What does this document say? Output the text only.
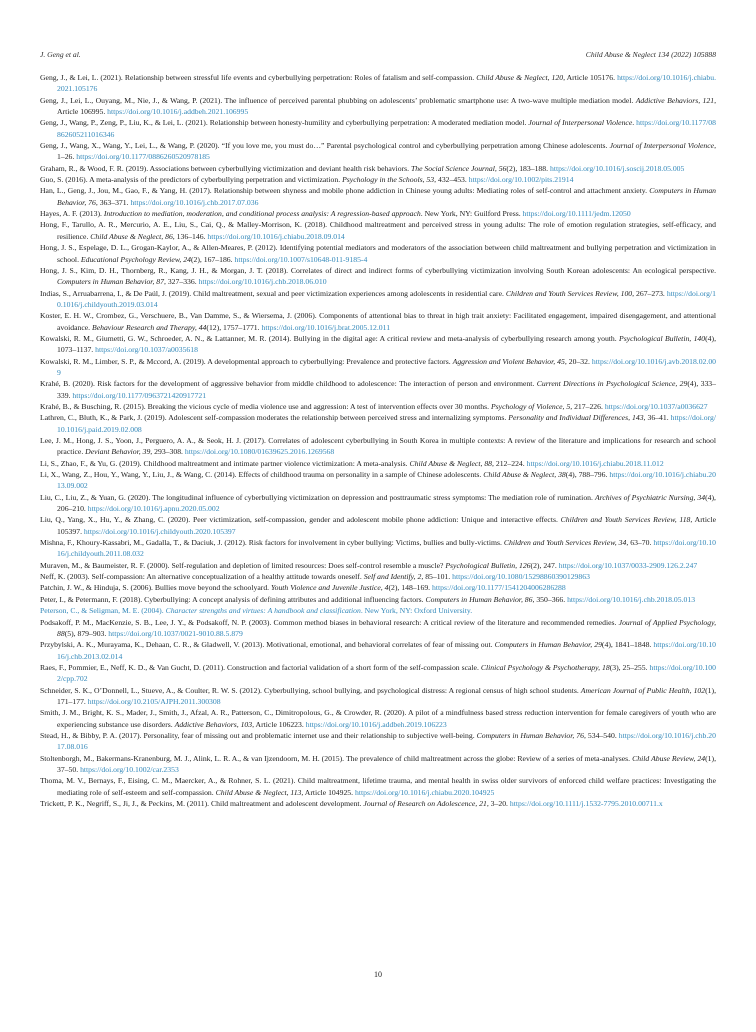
J. Geng et al.	Child Abuse & Neglect 134 (2022) 105888

Geng, J., & Lei, L. (2021). Relationship between stressful life events and cyberbullying perpetration: Roles of fatalism and self-compassion. Child Abuse & Neglect, 120, Article 105176. https://doi.org/10.1016/j.chiabu.2021.105176

Geng, J., Lei, L., Ouyang, M., Nie, J., & Wang, P. (2021). The influence of perceived parental phubbing on adolescents’ problematic smartphone use: A two-wave multiple mediation model. Addictive Behaviors, 121, Article 106995. https://doi.org/10.1016/j.addbeh.2021.106995

Geng, J., Wang, P., Zeng, P., Liu, K., & Lei, L. (2021). Relationship between honesty-humility and cyberbullying perpetration: A moderated mediation model. Journal of Interpersonal Violence. https://doi.org/10.1177/08862605211016346

Geng, J., Wang, X., Wang, Y., Lei, L., & Wang, P. (2020). “If you love me, you must do…” Parental psychological control and cyberbullying perpetration among Chinese adolescents. Journal of Interpersonal Violence, 1–26. https://doi.org/10.1177/0886260520978185

Graham, R., & Wood, F. R. (2019). Associations between cyberbullying victimization and deviant health risk behaviors. The Social Science Journal, 56(2), 183–188. https://doi.org/10.1016/j.soscij.2018.05.005

Guo, S. (2016). A meta-analysis of the predictors of cyberbullying perpetration and victimization. Psychology in the Schools, 53, 432–453. https://doi.org/10.1002/pits.21914

Han, L., Geng, J., Jou, M., Gao, F., & Yang, H. (2017). Relationship between shyness and mobile phone addiction in Chinese young adults: Mediating roles of self-control and attachment anxiety. Computers in Human Behavior, 76, 363–371. https://doi.org/10.1016/j.chb.2017.07.036

Hayes, A. F. (2013). Introduction to mediation, moderation, and conditional process analysis: A regression-based approach. New York, NY: Guilford Press. https://doi.org/10.1111/jedm.12050

Hong, F., Tarullo, A. R., Mercurio, A. E., Liu, S., Cai, Q., & Malley-Morrison, K. (2018). Childhood maltreatment and perceived stress in young adults: The role of emotion regulation strategies, self-efficacy, and resilience. Child Abuse & Neglect, 86, 136–146. https://doi.org/10.1016/j.chiabu.2018.09.014

Hong, J. S., Espelage, D. L., Grogan-Kaylor, A., & Allen-Meares, P. (2012). Identifying potential mediators and moderators of the association between child maltreatment and bullying perpetration and victimization in school. Educational Psychology Review, 24(2), 167–186. https://doi.org/10.1007/s10648-011-9185-4

Hong, J. S., Kim, D. H., Thornberg, R., Kang, J. H., & Morgan, J. T. (2018). Correlates of direct and indirect forms of cyberbullying victimization involving South Korean adolescents: An ecological perspective. Computers in Human Behavior, 87, 327–336. https://doi.org/10.1016/j.chb.2018.06.010

Indias, S., Arruabarrena, I., & De Paúl, J. (2019). Child maltreatment, sexual and peer victimization experiences among adolescents in residential care. Children and Youth Services Review, 100, 267–273. https://doi.org/10.1016/j.childyouth.2019.03.014

Koster, E. H. W., Crombez, G., Verschuere, B., Van Damme, S., & Wiersema, J. (2006). Components of attentional bias to threat in high trait anxiety: Facilitated engagement, impaired disengagement, and attentional avoidance. Behaviour Research and Therapy, 44(12), 1757–1771. https://doi.org/10.1016/j.brat.2005.12.011

Kowalski, R. M., Giumetti, G. W., Schroeder, A. N., & Lattanner, M. R. (2014). Bullying in the digital age: A critical review and meta-analysis of cyberbullying research among youth. Psychological Bulletin, 140(4), 1073–1137. https://doi.org/10.1037/a0035618

Kowalski, R. M., Limber, S. P., & Mccord, A. (2019). A developmental approach to cyberbullying: Prevalence and protective factors. Aggression and Violent Behavior, 45, 20–32. https://doi.org/10.1016/j.avb.2018.02.009

Krahé, B. (2020). Risk factors for the development of aggressive behavior from middle childhood to adolescence: The interaction of person and environment. Current Directions in Psychological Science, 29(4), 333–339. https://doi.org/10.1177/0963721420917721

Krahé, B., & Busching, R. (2015). Breaking the vicious cycle of media violence use and aggression: A test of intervention effects over 30 months. Psychology of Violence, 5, 217–226. https://doi.org/10.1037/a0036627

Lathren, C., Bluth, K., & Park, J. (2019). Adolescent self-compassion moderates the relationship between perceived stress and internalizing symptoms. Personality and Individual Differences, 143, 36–41. https://doi.org/10.1016/j.paid.2019.02.008

Lee, J. M., Hong, J. S., Yoon, J., Perguero, A. A., & Seok, H. J. (2017). Correlates of adolescent cyberbullying in South Korea in multiple contexts: A review of the literature and implications for research and school practice. Deviant Behavior, 39, 293–308. https://doi.org/10.1080/01639625.2016.1269568

Li, S., Zhao, F., & Yu, G. (2019). Childhood maltreatment and intimate partner violence victimization: A meta-analysis. Child Abuse & Neglect, 88, 212–224. https://doi.org/10.1016/j.chiabu.2018.11.012

Li, X., Wang, Z., Hou, Y., Wang, Y., Liu, J., & Wang, C. (2014). Effects of childhood trauma on personality in a sample of Chinese adolescents. Child Abuse & Neglect, 38(4), 788–796. https://doi.org/10.1016/j.chiabu.2013.09.002

Liu, C., Liu, Z., & Yuan, G. (2020). The longitudinal influence of cyberbullying victimization on depression and posttraumatic stress symptoms: The mediation role of rumination. Archives of Psychiatric Nursing, 34(4), 206–210. https://doi.org/10.1016/j.apnu.2020.05.002

Liu, Q., Yang, X., Hu, Y., & Zhang, C. (2020). Peer victimization, self-compassion, gender and adolescent mobile phone addiction: Unique and interactive effects. Children and Youth Services Review, 118, Article 105397. https://doi.org/10.1016/j.childyouth.2020.105397

Mishna, F., Khoury-Kassabri, M., Gadalla, T., & Daciuk, J. (2012). Risk factors for involvement in cyber bullying: Victims, bullies and bully-victims. Children and Youth Services Review, 34, 63–70. https://doi.org/10.1016/j.childyouth.2011.08.032

Muraven, M., & Baumeister, R. F. (2000). Self-regulation and depletion of limited resources: Does self-control resemble a muscle? Psychological Bulletin, 126(2), 247. https://doi.org/10.1037/0033-2909.126.2.247

Neff, K. (2003). Self-compassion: An alternative conceptualization of a healthy attitude towards oneself. Self and Identify, 2, 85–101. https://doi.org/10.1080/15298860390129863

Patchin, J. W., & Hinduja, S. (2006). Bullies move beyond the schoolyard. Youth Violence and Juvenile Justice, 4(2), 148–169. https://doi.org/10.1177/1541204006286288

Peter, I., & Petermann, F. (2018). Cyberbullying: A concept analysis of defining attributes and additional influencing factors. Computers in Human Behavior, 86, 350–366. https://doi.org/10.1016/j.chb.2018.05.013

Peterson, C., & Seligman, M. E. (2004). Character strengths and virtues: A handbook and classification. New York, NY: Oxford University.

Podsakoff, P. M., MacKenzie, S. B., Lee, J. Y., & Podsakoff, N. P. (2003). Common method biases in behavioral research: A critical review of the literature and recommended remedies. Journal of Applied Psychology, 88(5), 879–903. https://doi.org/10.1037/0021-9010.88.5.879

Przybylski, A. K., Murayama, K., Dehaan, C. R., & Gladwell, V. (2013). Motivational, emotional, and behavioral correlates of fear of missing out. Computers in Human Behavior, 29(4), 1841–1848. https://doi.org/10.1016/j.chb.2013.02.014

Raes, F., Pommier, E., Neff, K. D., & Van Gucht, D. (2011). Construction and factorial validation of a short form of the self-compassion scale. Clinical Psychology & Psychotherapy, 18(3), 25–255. https://doi.org/10.1002/cpp.702

Schneider, S. K., O’Donnell, L., Stueve, A., & Coulter, R. W. S. (2012). Cyberbullying, school bullying, and psychological distress: A regional census of high school students. American Journal of Public Health, 102(1), 171–177. https://doi.org/10.2105/AJPH.2011.300308

Smith, J. M., Bright, K. S., Mader, J., Smith, J., Afzal, A. R., Patterson, C., Dimitropolous, G., & Crowder, R. (2020). A pilot of a mindfulness based stress reduction intervention for female caregivers of youth who are experiencing substance use disorders. Addictive Behaviors, 103, Article 106223. https://doi.org/10.1016/j.addbeh.2019.106223

Stead, H., & Bibby, P. A. (2017). Personality, fear of missing out and problematic internet use and their relationship to subjective well-being. Computers in Human Behavior, 76, 534–540. https://doi.org/10.1016/j.chb.2017.08.016

Stoltenborgh, M., Bakermans-Kranenburg, M. J., Alink, L. R. A., & van Ijzendoorn, M. H. (2015). The prevalence of child maltreatment across the globe: Review of a series of meta-analyses. Child Abuse Review, 24(1), 37–50. https://doi.org/10.1002/car.2353

Thoma, M. V., Bernays, F., Eising, C. M., Maercker, A., & Rohner, S. L. (2021). Child maltreatment, lifetime trauma, and mental health in swiss older survivors of enforced child welfare practices: Investigating the mediating role of self-esteem and self-compassion. Child Abuse & Neglect, 113, Article 104925. https://doi.org/10.1016/j.chiabu.2020.104925

Trickett, P. K., Negriff, S., Ji, J., & Peckins, M. (2011). Child maltreatment and adolescent development. Journal of Research on Adolescence, 21, 3–20. https://doi.org/10.1111/j.1532-7795.2010.00711.x

10
